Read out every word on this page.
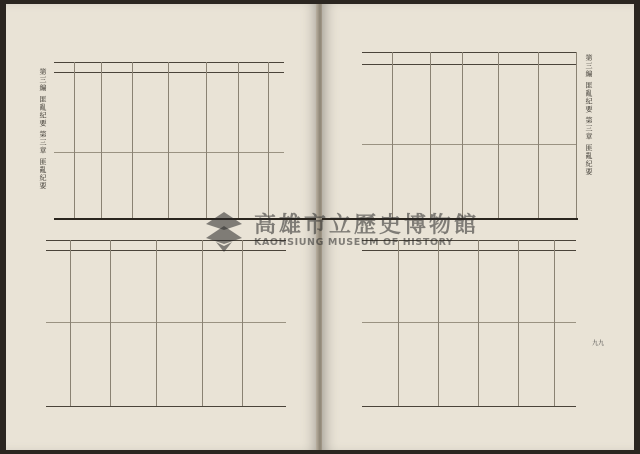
第三編 匪亂紀要 第三章 匪亂紀要	第三編 匪亂紀要 第三章 匪亂紀要
九九
高雄市立歷史博物館
KAOHSIUNG MUSEUM OF HISTORY
